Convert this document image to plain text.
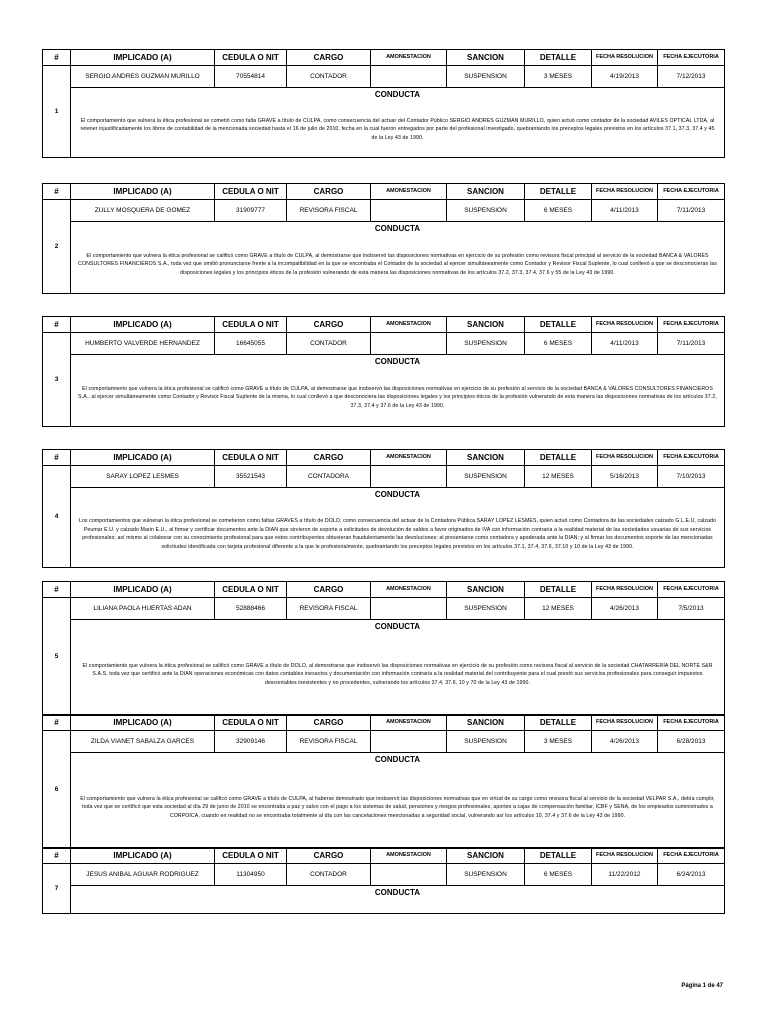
#	IMPLICADO (A)	CEDULA O NIT	CARGO	AMONESTACION	SANCION	DETALLE	FECHA RESOLUCION	FECHA EJECUTORIA
1	SERGIO ANDRES GUZMAN MURILLO	70554814	CONTADOR		SUSPENSION	3 MESES	4/19/2013	7/12/2013
	CONDUCTA							
	El comportamiento que vulnera la ética profesional se cometió como falta GRAVE a título de CULPA, como consecuencia del actuar del Contador Público SERGIO ANDRES GUZMAN MURILLO, quien actuó como contador de la sociedad AVILES OPTICAL LTDA, al retener injustificadamente los libros de contabilidad de la mencionada sociedad hasta el 16 de julio de 2010, fecha en la cual fueron entregados por parte del profesional investigado, quebrantando los preceptos legales previstos en los artículos 37.1, 37.3, 37.4 y 45 de la Ley 43 de 1990.							
#	IMPLICADO (A)	CEDULA O NIT	CARGO	AMONESTACION	SANCION	DETALLE	FECHA RESOLUCION	FECHA EJECUTORIA
2	ZULLY MOSQUERA DE GOMEZ	31909777	REVISORA FISCAL		SUSPENSION	6 MESES	4/11/2013	7/11/2013
	CONDUCTA							
	El comportamiento que vulnera la ética profesional se calificó como GRAVE a título de CULPA, al demostrarse que inobservó las disposiciones normativas en ejercicio de su profesión como revisora fiscal principal al servicio de la sociedad BANCA & VALORES CONSULTORES FINANCIEROS S.A., toda vez que omitió pronunciarse frente a la incompatibilidad en la que se encontraba el Contador de la sociedad al ejercer simultáneamente como Contador y Revisor Fiscal Suplente, lo cual conllevó a que se desconocieran las disposiciones legales y los principios éticos de la profesión vulnerando de esta manera las disposiciones normativas de los artículos 37.2, 37.3, 37.4, 37.6 y 55 de la Ley 43 de 1990.							
#	IMPLICADO (A)	CEDULA O NIT	CARGO	AMONESTACION	SANCION	DETALLE	FECHA RESOLUCION	FECHA EJECUTORIA
3	HUMBERTO VALVERDE HERNANDEZ	16645055	CONTADOR		SUSPENSION	6 MESES	4/11/2013	7/11/2013
	CONDUCTA							
	El comportamiento que vulnera la ética profesional se calificó como GRAVE a título de CULPA, al demostrarse que inobservó las disposiciones normativas en ejercicio de su profesión al servicio de la sociedad BANCA & VALORES CONSULTORES FINANCIEROS S.A., al ejercer simultáneamente como Contador y Revisor Fiscal Suplente de la misma, lo cual conllevó a que desconociera las disposiciones legales y los principios éticos de la profesión vulnerando de esta manera las disposiciones normativas de los artículos 37.2, 37.3, 37.4 y 37.6 de la Ley 43 de 1990.							
#	IMPLICADO (A)	CEDULA O NIT	CARGO	AMONESTACION	SANCION	DETALLE	FECHA RESOLUCION	FECHA EJECUTORIA
4	SARAY LOPEZ LESMES	35521543	CONTADORA		SUSPENSION	12 MESES	5/16/2013	7/10/2013
	CONDUCTA							
	Los comportamientos que vulneran la ética profesional se cometieron como faltas GRAVES a título de DOLO, como consecuencia del actuar de la Contadora Pública SARAY LOPEZ LESMES, quien actuó como Contadora de las sociedades calzado G.L.E.U, calzado Peumar E.U. y calzado Marin E.U., al firmar y certificar documentos ante la DIAN que sirvieron de soporte a solicitudes de devolución de saldos a favor originados de IVA con información contraria a la realidad material de las sociedades usuarias de sus servicios profesionales; así mismo al colaborar con su conocimiento profesional para que estos contribuyentes obtuvieran fraudulentamente las devoluciones; al presentarse como contadora y apoderada ante la DIAN; y al firmar los documentos soporte de las mencionadas solicitudes identificada con tarjeta profesional diferente a la que le profesionalmente, quebrantando los preceptos legales previstos en los artículos 37.1, 37.4, 37.6, 37.10 y 10 de la Ley 43 de 1990.							
#	IMPLICADO (A)	CEDULA O NIT	CARGO	AMONESTACION	SANCION	DETALLE	FECHA RESOLUCION	FECHA EJECUTORIA
5	LILIANA PAOLA HUERTAS ADAN	52888466	REVISORA FISCAL		SUSPENSION	12 MESES	4/26/2013	7/5/2013
	CONDUCTA							
	El comportamiento que vulnera la ética profesional se calificó como GRAVE a título de DOLO, al demostrarse que inobservó las disposiciones normativas en ejercicio de su profesión como revisora fiscal al servicio de la sociedad CHATARRERÍA DEL NORTE S&R S.A.S, toda vez que certificó ante la DIAN operaciones económicas con datos contables inexactos y documentación con información contraria a la realidad material del contribuyente para el cual prestó sus servicios profesionales para conseguir impuestos descontables inexistentes y no procedentes, vulnerando los artículos 37.4, 37.6, 10 y 70 de la Ley 43 de 1990.							
#	IMPLICADO (A)	CEDULA O NIT	CARGO	AMONESTACION	SANCION	DETALLE	FECHA RESOLUCION	FECHA EJECUTORIA
6	ZILDA VIANET SABALZA GARCES	32909146	REVISORA FISCAL		SUSPENSION	3 MESES	4/26/2013	6/28/2013
	CONDUCTA							
	El comportamiento que vulnera la ética profesional se calificó como GRAVE a título de CULPA, al haberse demostrado que inobservó las disposiciones normativas que en virtud de su cargo como revisora fiscal al servicio de la sociedad VELPAR S.A., debía cumplir, toda vez que se certificó que esta sociedad al día 29 de junio de 2010 se encontraba a paz y salvo con el pago a los sistemas de salud, pensiones y riesgos profesionales, aportes a cajas de compensación familiar, ICBF y SENA, de los empleados suministrados a CORPOICA, cuando en realidad no se encontraba totalmente al día con las cancelaciones mencionadas a seguridad social, vulnerando así los artículos 10, 37.4 y 37.6 de la Ley 43 de 1990.							
#	IMPLICADO (A)	CEDULA O NIT	CARGO	AMONESTACION	SANCION	DETALLE	FECHA RESOLUCION	FECHA EJECUTORIA
7	JESUS ANIBAL AGUIAR RODRIGUEZ	11304950	CONTADOR		SUSPENSION	6 MESES	11/22/2012	6/24/2013
	CONDUCTA							

Página 1 de 47
